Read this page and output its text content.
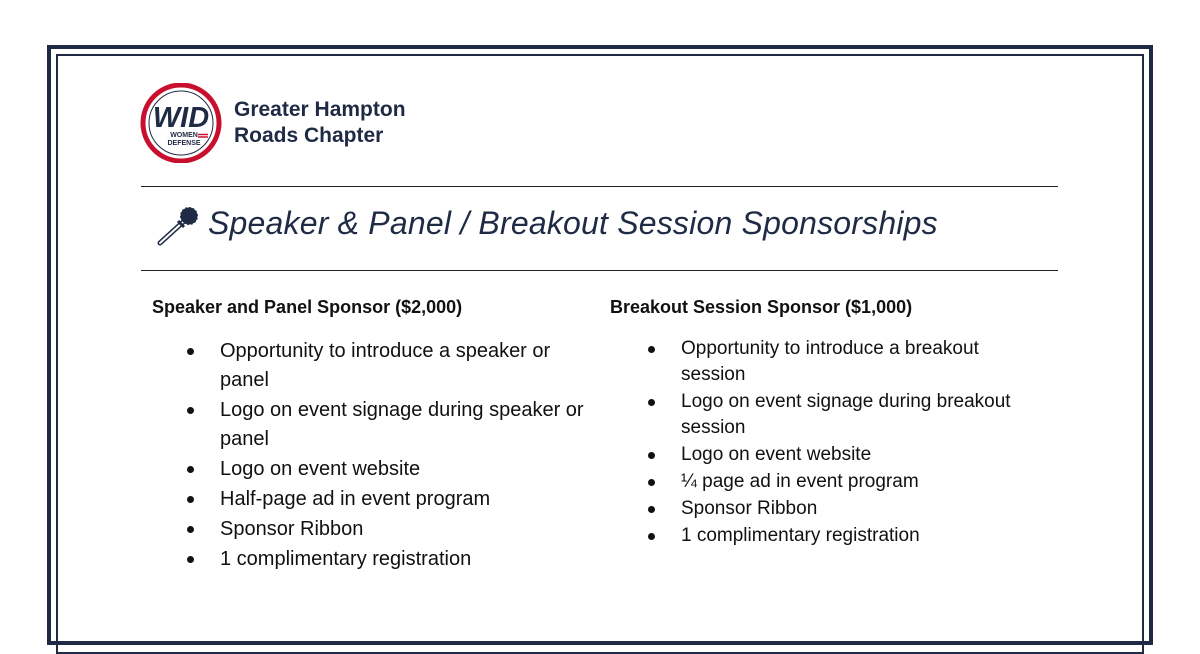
WID
WOMEN
DEFENSE
Greater Hampton
Roads Chapter
Speaker & Panel / Breakout Session Sponsorships
Speaker and Panel Sponsor ($2,000)
Opportunity to introduce a speaker or panel
Logo on event signage during speaker or panel
Logo on event website
Half-page ad in event program
Sponsor Ribbon
1 complimentary registration
Breakout Session Sponsor ($1,000)
Opportunity to introduce a breakout session
Logo on event signage during breakout session
Logo on event website
¼ page ad in event program
Sponsor Ribbon
1 complimentary registration
